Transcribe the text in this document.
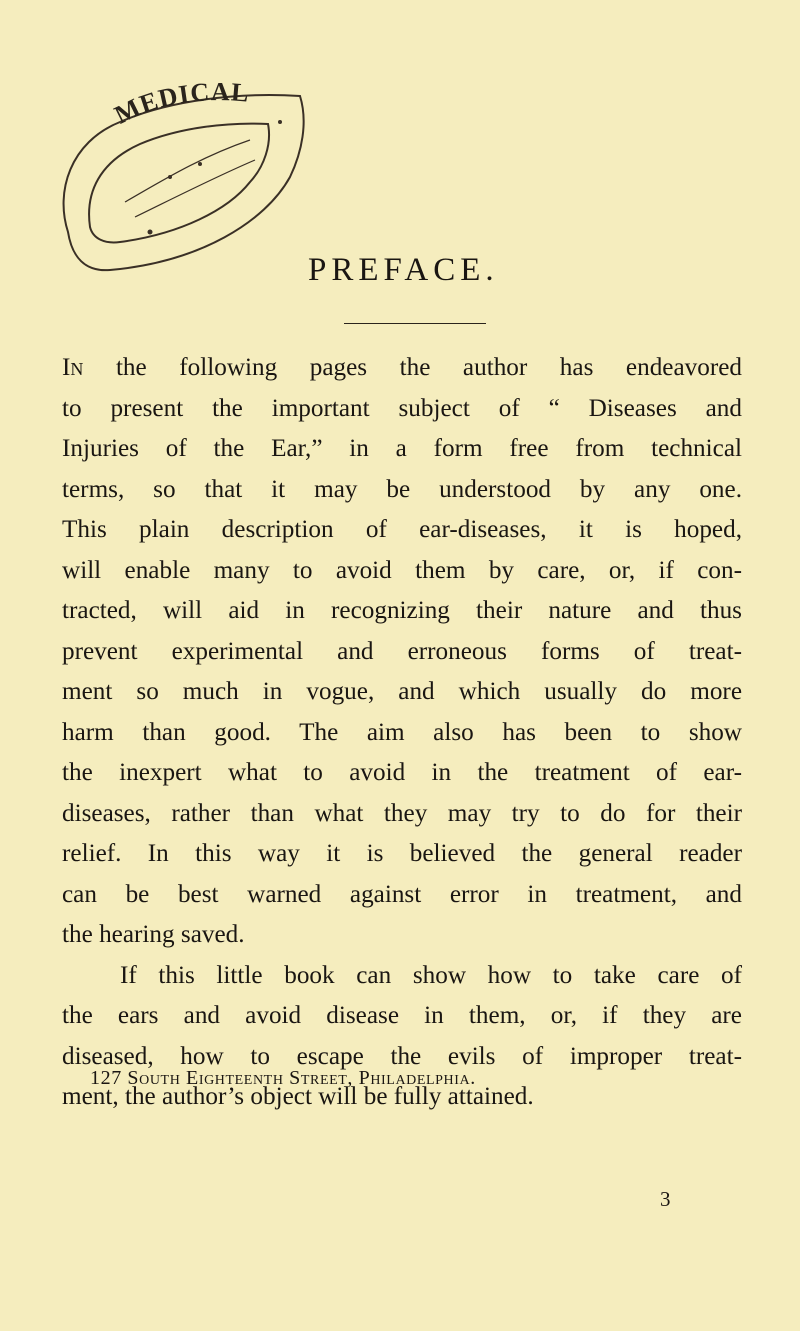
MEDICAL
PREFACE.
In the following pages the author has endeavored
to present the important subject of “ Diseases and
Injuries of the Ear,” in a form free from technical
terms, so that it may be understood by any one.
This plain description of ear-diseases, it is hoped,
will enable many to avoid them by care, or, if con-
tracted, will aid in recognizing their nature and thus
prevent experimental and erroneous forms of treat-
ment so much in vogue, and which usually do more
harm than good. The aim also has been to show
the inexpert what to avoid in the treatment of ear-
diseases, rather than what they may try to do for their
relief. In this way it is believed the general reader
can be best warned against error in treatment, and
the hearing saved.
If this little book can show how to take care of
the ears and avoid disease in them, or, if they are
diseased, how to escape the evils of improper treat-
ment, the author’s object will be fully attained.

127 South Eighteenth Street, Philadelphia.

3
